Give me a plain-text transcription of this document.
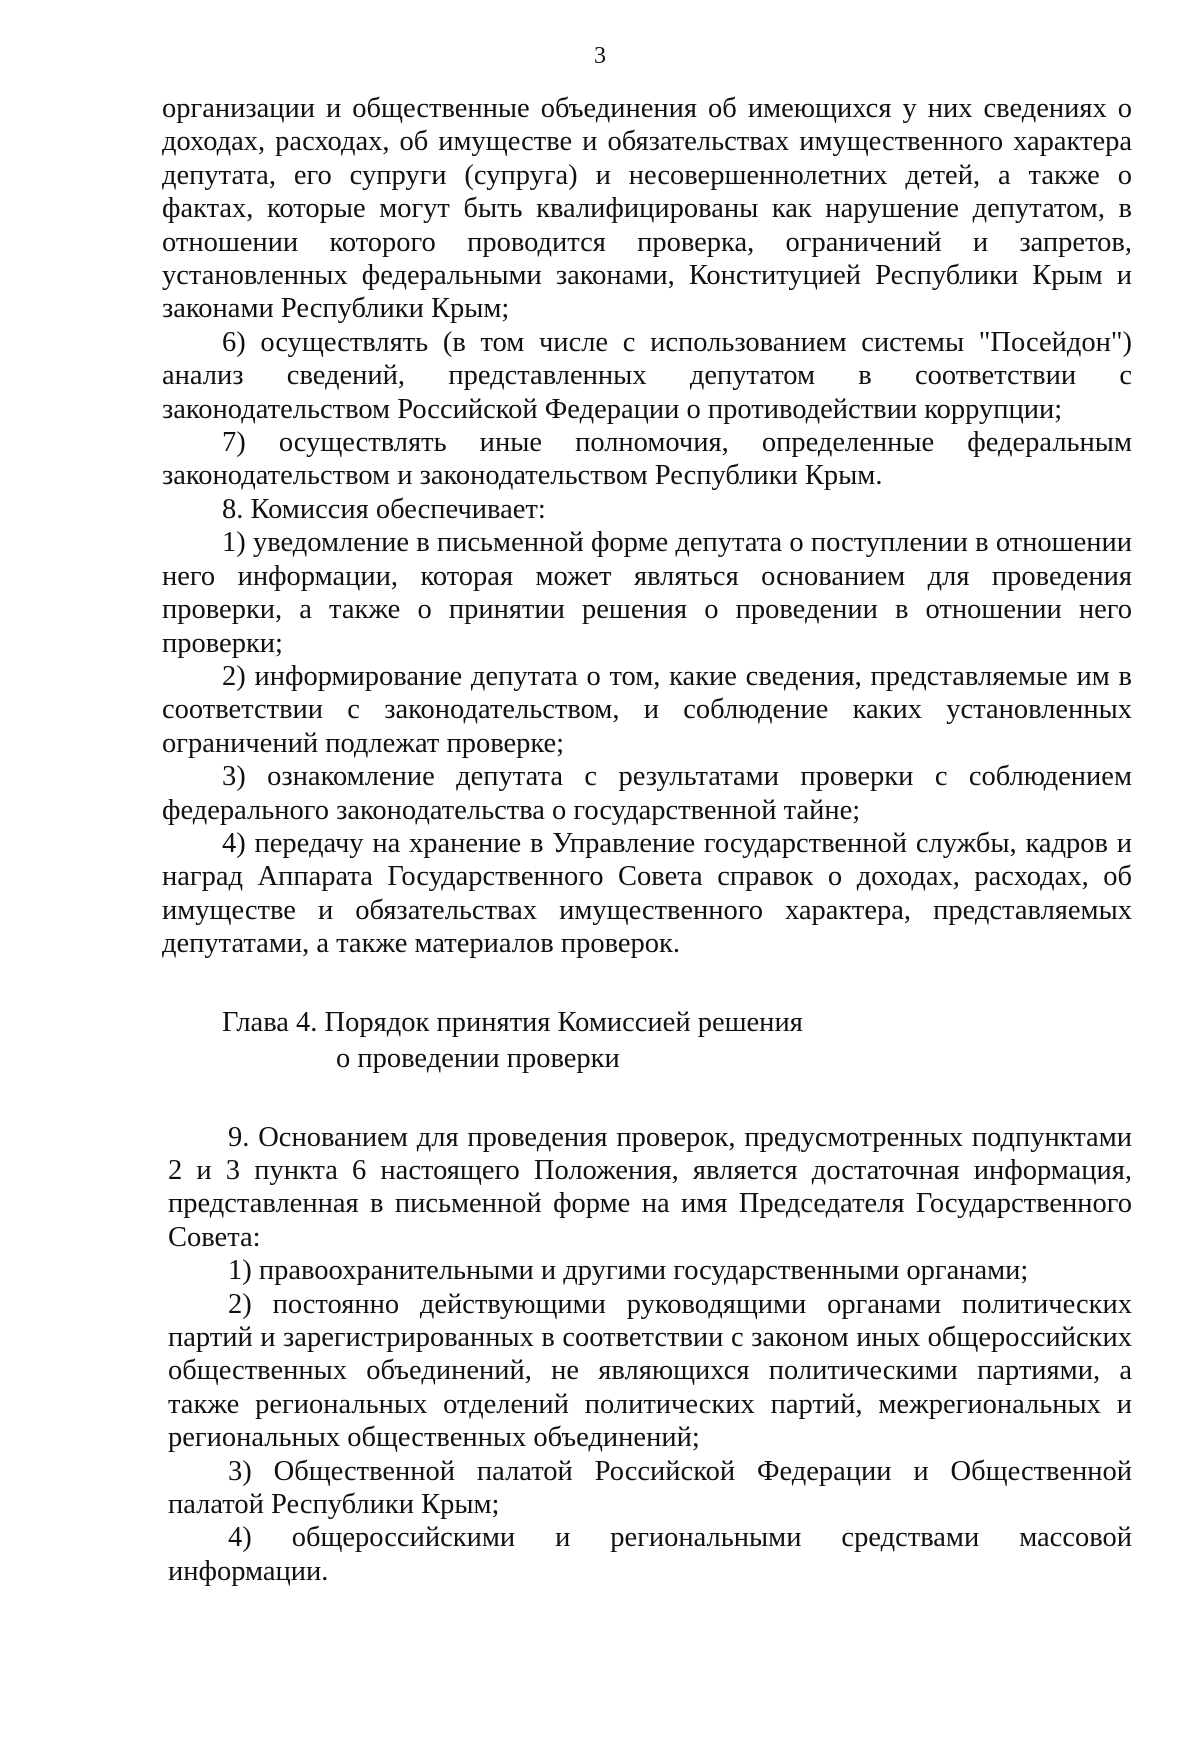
3

организации и общественные объединения об имеющихся у них сведениях о доходах, расходах, об имуществе и обязательствах имущественного характера депутата, его супруги (супруга) и несовершеннолетних детей, а также о фактах, которые могут быть квалифицированы как нарушение депутатом, в отношении которого проводится проверка, ограничений и запретов, установленных федеральными законами, Конституцией Республики Крым и законами Республики Крым;

6) осуществлять (в том числе с использованием системы "Посейдон") анализ сведений, представленных депутатом в соответствии с законодательством Российской Федерации о противодействии коррупции;

7) осуществлять иные полномочия, определенные федеральным законодательством и законодательством Республики Крым.

8. Комиссия обеспечивает:

1) уведомление в письменной форме депутата о поступлении в отношении него информации, которая может являться основанием для проведения проверки, а также о принятии решения о проведении в отношении него проверки;

2) информирование депутата о том, какие сведения, представляемые им в соответствии с законодательством, и соблюдение каких установленных ограничений подлежат проверке;

3) ознакомление депутата с результатами проверки с соблюдением федерального законодательства о государственной тайне;

4) передачу на хранение в Управление государственной службы, кадров и наград Аппарата Государственного Совета справок о доходах, расходах, об имуществе и обязательствах имущественного характера, представляемых депутатами, а также материалов проверок.

Глава 4. Порядок принятия Комиссией решения
о проведении проверки

9. Основанием для проведения проверок, предусмотренных подпунктами 2 и 3 пункта 6 настоящего Положения, является достаточная информация, представленная в письменной форме на имя Председателя Государственного Совета:

1) правоохранительными и другими государственными органами;

2) постоянно действующими руководящими органами политических партий и зарегистрированных в соответствии с законом иных общероссийских общественных объединений, не являющихся политическими партиями, а также региональных отделений политических партий, межрегиональных и региональных общественных объединений;

3) Общественной палатой Российской Федерации и Общественной палатой Республики Крым;

4) общероссийскими и региональными средствами массовой информации.
